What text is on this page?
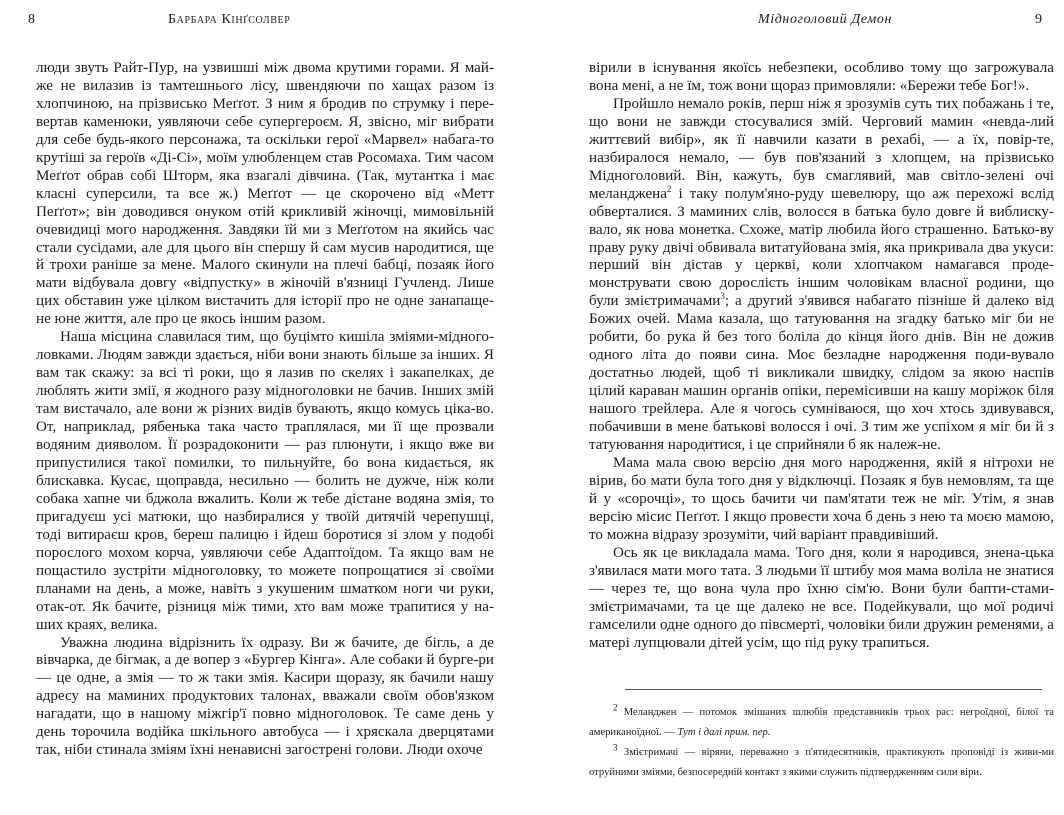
8	Барбара Кінґсолвер

люди звуть Райт-Пур, на узвишші між двома крутими горами. Я май-же не вилазив із тамтешнього лісу, швендяючи по хащах разом із хлопчиною, на прізвисько Меґґот. З ним я бродив по струмку і пере-вертав каменюки, уявляючи себе супергероєм. Я, звісно, міг вибрати для себе будь-якого персонажа, та оскільки герої «Марвел» набага-то крутіші за героїв «Ді-Сі», моїм улюбленцем став Росомаха. Тим часом Меґґот обрав собі Шторм, яка взагалі дівчина. (Так, мутантка і має класні суперсили, та все ж.) Меґґот — це скорочено від «Метт Пеґґот»; він доводився онуком отій крикливій жіночці, мимовільній очевидиці мого народження. Завдяки їй ми з Меґґотом на якийсь час стали сусідами, але для цього він спершу й сам мусив народитися, ще й трохи раніше за мене. Малого скинули на плечі бабці, позаяк його мати відбувала довгу «відпустку» в жіночій в'язниці Гучленд. Лише цих обставин уже цілком вистачить для історії про не одне занапаще-не юне життя, але про це якось іншим разом.

Наша місцина славилася тим, що буцімто кишіла зміями-мідного-ловками. Людям завжди здається, ніби вони знають більше за інших. Я вам так скажу: за всі ті роки, що я лазив по скелях і закапелках, де люблять жити змії, я жодного разу мідноголовки не бачив. Інших змій там вистачало, але вони ж різних видів бувають, якщо комусь ціка-во. От, наприклад, рябенька така часто траплялася, ми її ще прозвали водяним дияволом. Її розрадоконити — раз плюнути, і якщо вже ви припустилися такої помилки, то пильнуйте, бо вона кидається, як блискавка. Кусає, щоправда, несильно — болить не дужче, ніж коли собака хапне чи бджола вжалить. Коли ж тебе дістане водяна змія, то пригадуєш усі матюки, що назбиралися у твоїй дитячій черепушці, тоді витираєш кров, береш палицю і йдеш боротися зі злом у подобі порослого мохом корча, уявляючи себе Адаптоїдом. Та якщо вам не пощастило зустріти мідноголовку, то можете попрощатися зі своїми планами на день, а може, навіть з укушеним шматком ноги чи руки, отак-от. Як бачите, різниця між тими, хто вам може трапитися у на-ших краях, велика.

Уважна людина відрізнить їх одразу. Ви ж бачите, де бігль, а де вівчарка, де бігмак, а де вопер з «Бургер Кінга». Але собаки й бурге-ри — це одне, а змія — то ж таки змія. Касири щоразу, як бачили нашу адресу на маминих продуктових талонах, вважали своїм обов'язком нагадати, що в нашому міжгір'ї повно мідноголовок. Те саме день у день торочила водійка шкільного автобуса — і хряскала дверцятами так, ніби стинала зміям їхні ненависні загострені голови. Люди охоче

Мідноголовий Демон	9

вірили в існування якоїсь небезпеки, особливо тому що загрожувала вона мені, а не їм, тож вони щораз примовляли: «Бережи тебе Бог!».

Пройшло немало років, перш ніж я зрозумів суть тих побажань і те, що вони не завжди стосувалися змій. Черговий мамин «невда-лий життєвий вибір», як її навчили казати в рехабі, — а їх, повір-те, назбиралося немало, — був пов'язаний з хлопцем, на прізвисько Мідноголовий. Він, кажуть, був смаглявий, мав світло-зелені очі меланджена$^2$ і таку полум'яно-руду шевелюру, що аж перехожі вслід обверталися. З маминих слів, волосся в батька було довге й виблиску-вало, як нова монетка. Схоже, матір любила його страшенно. Батько-ву праву руку двічі обвивала витатуйована змія, яка прикривала два укуси: перший він дістав у церкві, коли хлопчаком намагався проде-монструвати свою дорослість іншим чоловікам власної родини, що були змієтримачами$^3$; а другий з'явився набагато пізніше й далеко від Божих очей. Мама казала, що татуювання на згадку батько міг би не робити, бо рука й без того боліла до кінця його днів. Він не дожив одного літа до появи сина. Моє безладне народження поди-вувало достатньо людей, щоб ті викликали швидку, слідом за якою наспів цілий караван машин органів опіки, перемісивши на кашу моріжок біля нашого трейлера. Але я чогось сумніваюся, що хоч хтось здивувався, побачивши в мене батькові волосся і очі. З тим же успіхом я міг би й з татуювання народитися, і це сприйняли б як належ-не.

Мама мала свою версію дня мого народження, якій я нітрохи не вірив, бо мати була того дня у відключці. Позаяк я був немовлям, та ще й у «сорочці», то щось бачити чи пам'ятати теж не міг. Утім, я знав версію місис Пеґґот. І якщо провести хоча б день з нею та моєю мамою, то можна відразу зрозуміти, чий варіант правдивіший.

Ось як це викладала мама. Того дня, коли я народився, знена-цька з'явилася мати мого тата. З людьми її штибу моя мама воліла не знатися — через те, що вона чула про їхню сім'ю. Вони були бапти-стами-змієтримачами, та це ще далеко не все. Подейкували, що мої родичі гамселили одне одного до півсмерті, чоловіки били дружин ременями, а матері лупцювали дітей усім, що під руку трапиться.

$^2$ Меланджен — потомок змішаних шлюбів представників трьох рас: негроїдної, білої та американоїдної. — Тут і далі прим. пер.

$^3$ Змієтримачі — віряни, переважно з п'ятидесятників, практикують проповіді із живи-ми отруйними зміями, безпосередній контакт з якими служить підтвердженням сили віри.
